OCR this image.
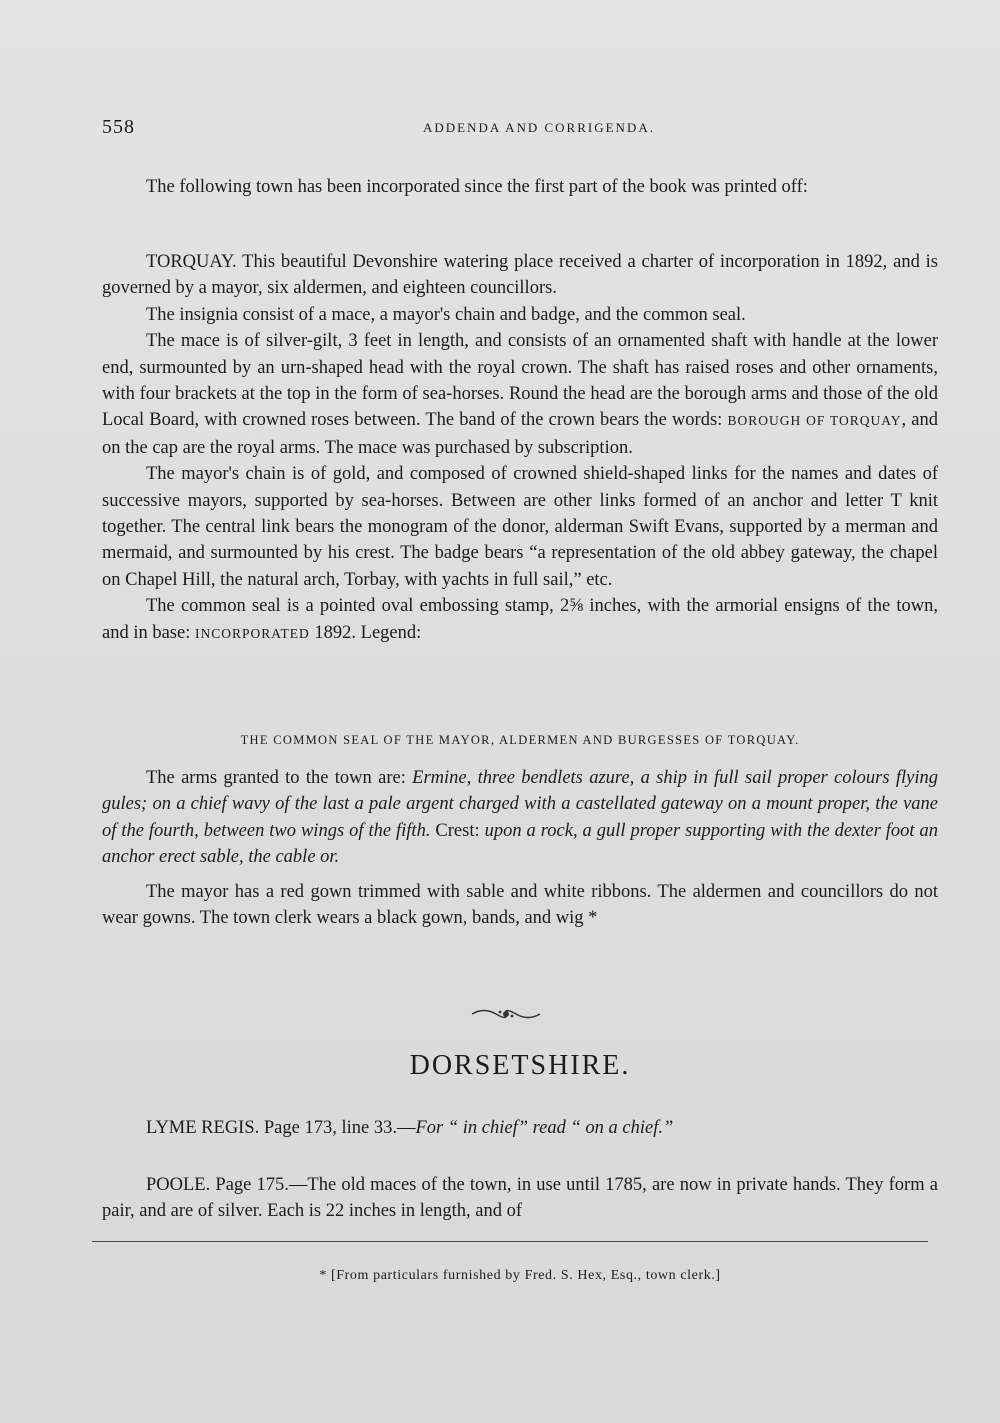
558	ADDENDA AND CORRIGENDA.

The following town has been incorporated since the first part of the book was printed off:

TORQUAY. This beautiful Devonshire watering place received a charter of incorporation in 1892, and is governed by a mayor, six aldermen, and eighteen councillors.

The insignia consist of a mace, a mayor's chain and badge, and the common seal.

The mace is of silver-gilt, 3 feet in length, and consists of an ornamented shaft with handle at the lower end, surmounted by an urn-shaped head with the royal crown. The shaft has raised roses and other ornaments, with four brackets at the top in the form of sea-horses. Round the head are the borough arms and those of the old Local Board, with crowned roses between. The band of the crown bears the words: BOROUGH OF TORQUAY, and on the cap are the royal arms. The mace was purchased by subscription.

The mayor's chain is of gold, and composed of crowned shield-shaped links for the names and dates of successive mayors, supported by sea-horses. Between are other links formed of an anchor and letter T knit together. The central link bears the monogram of the donor, alderman Swift Evans, supported by a merman and mermaid, and surmounted by his crest. The badge bears “a representation of the old abbey gateway, the chapel on Chapel Hill, the natural arch, Torbay, with yachts in full sail,” etc.

The common seal is a pointed oval embossing stamp, 2⅝ inches, with the armorial ensigns of the town, and in base: INCORPORATED 1892. Legend:

THE COMMON SEAL OF THE MAYOR, ALDERMEN AND BURGESSES OF TORQUAY.

The arms granted to the town are: Ermine, three bendlets azure, a ship in full sail proper colours flying gules; on a chief wavy of the last a pale argent charged with a castellated gateway on a mount proper, the vane of the fourth, between two wings of the fifth. Crest: upon a rock, a gull proper supporting with the dexter foot an anchor erect sable, the cable or.

The mayor has a red gown trimmed with sable and white ribbons. The aldermen and councillors do not wear gowns. The town clerk wears a black gown, bands, and wig *

DORSETSHIRE.

LYME REGIS. Page 173, line 33.—For “ in chief” read “ on a chief.”

POOLE. Page 175.—The old maces of the town, in use until 1785, are now in private hands. They form a pair, and are of silver. Each is 22 inches in length, and of

* [From particulars furnished by Fred. S. Hex, Esq., town clerk.]
